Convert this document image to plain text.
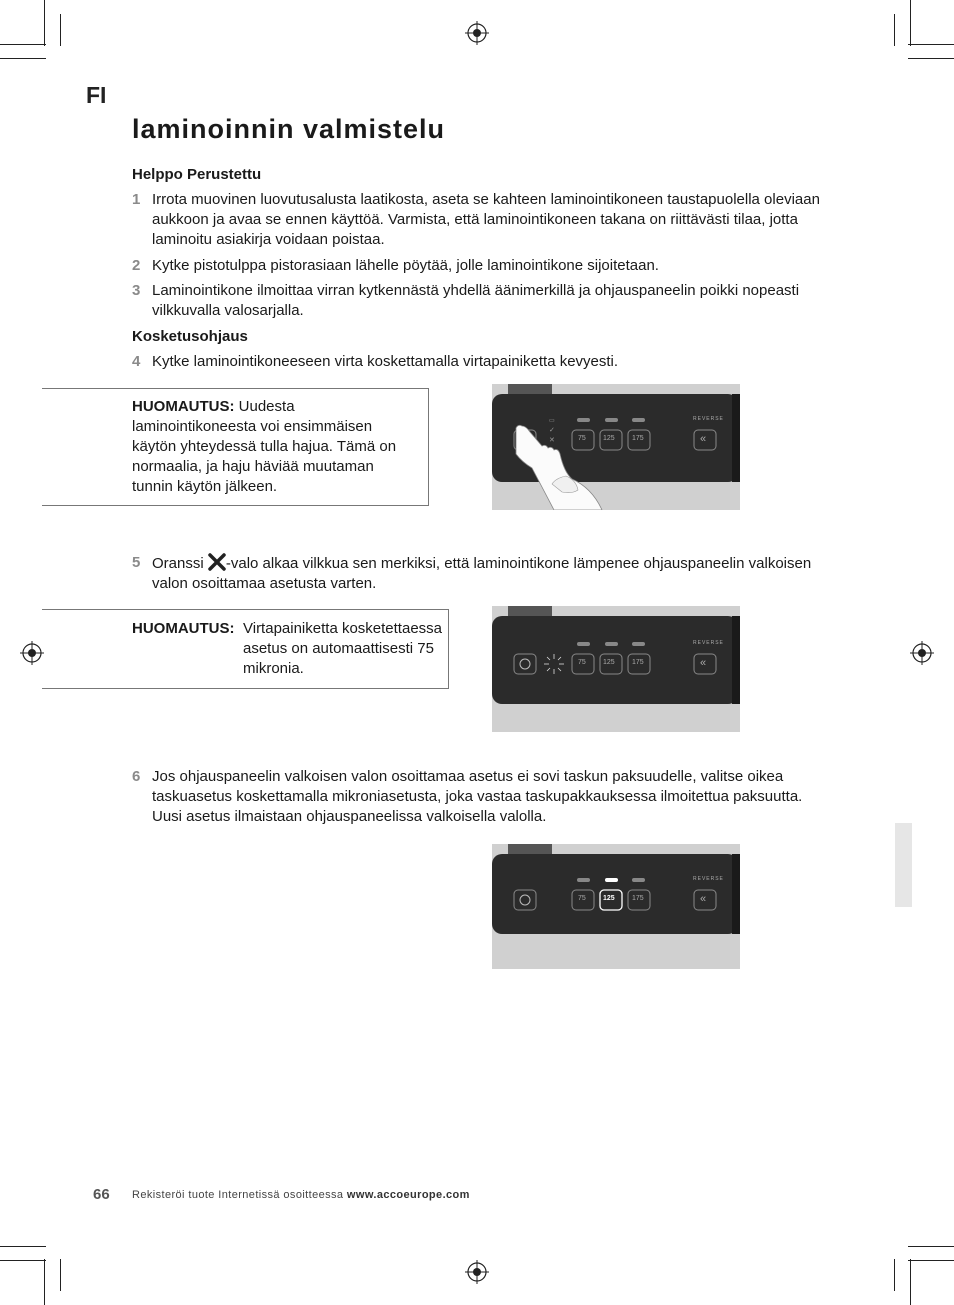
FI
laminoinnin valmistelu
Helppo Perustettu
1 Irrota muovinen luovutusalusta laatikosta, aseta se kahteen laminointikoneen taustapuolella oleviaan aukkoon ja avaa se ennen käyttöä. Varmista, että laminointikoneen takana on riittävästi tilaa, jotta laminoitu asiakirja voidaan poistaa.
2 Kytke pistotulppa pistorasiaan lähelle pöytää, jolle laminointikone sijoitetaan.
3 Laminointikone ilmoittaa virran kytkennästä yhdellä äänimerkillä ja ohjauspaneelin poikki nopeasti vilkkuvalla valosarjalla.
Kosketusohjaus
4 Kytke laminointikoneeseen virta koskettamalla virtapainiketta kevyesti.
HUOMAUTUS: Uudesta laminointikoneesta voi ensimmäisen käytön yhteydessä tulla hajua. Tämä on normaalia, ja haju häviää muutaman tunnin käytön jälkeen.
▭
✓
✕
REVERSE
75 125 175	«
5 Oranssi -valo alkaa vilkkua sen merkiksi, että laminointikone lämpenee ohjauspaneelin valkoisen valon osoittamaa asetusta varten.
HUOMAUTUS: Virtapainiketta kosketettaessa asetus on automaattisesti 75 mikronia.
REVERSE
75 125 175	«
6 Jos ohjauspaneelin valkoisen valon osoittamaa asetus ei sovi taskun paksuudelle, valitse oikea taskuasetus koskettamalla mikroniasetusta, joka vastaa taskupakkauksessa ilmoitettua paksuutta. Uusi asetus ilmaistaan ohjauspaneelissa valkoisella valolla.
REVERSE
75 125 175	«
66 Rekisteröi tuote Internetissä osoitteessa www.accoeurope.com
